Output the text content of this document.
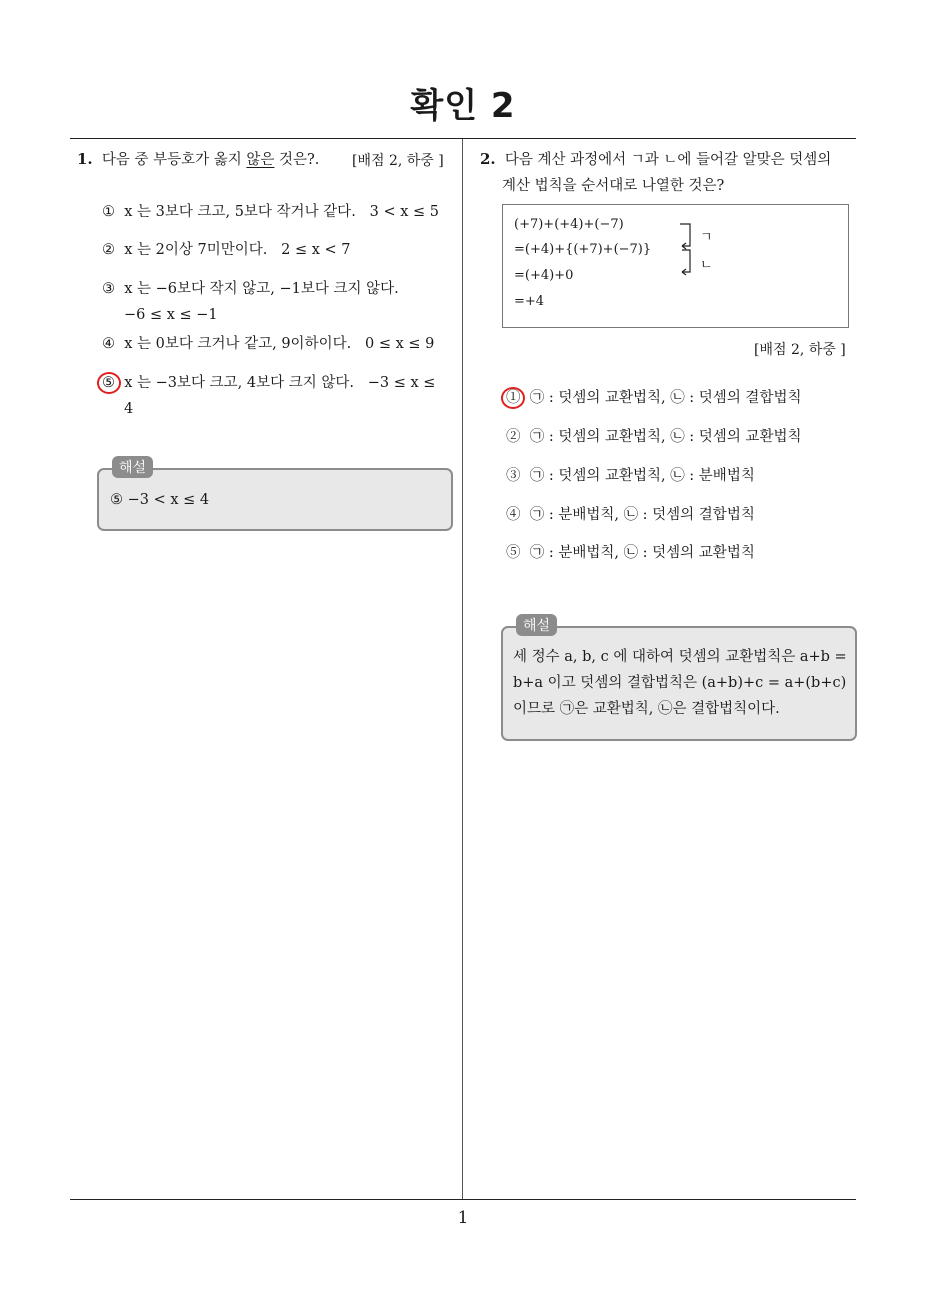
확인 2
1. 다음 중 부등호가 옳지 않은 것은?. [배점 2, 하중 ]
① x 는 3보다 크고, 5보다 작거나 같다. 3 < x ≤ 5
② x 는 2이상 7미만이다. 2 ≤ x < 7
③ x 는 −6보다 작지 않고, −1보다 크지 않다.
−6 ≤ x ≤ −1
④ x 는 0보다 크거나 같고, 9이하이다. 0 ≤ x ≤ 9
⑤ x 는 −3보다 크고, 4보다 크지 않다. −3 ≤ x ≤
4
해설
⑤ −3 < x ≤ 4
2. 다음 계산 과정에서 ㄱ과 ㄴ에 들어갈 알맞은 덧셈의
계산 법칙을 순서대로 나열한 것은?
(+7)+(+4)+(−7)
=(+4)+{(+7)+(−7)}
=(+4)+0
=+4
ㄱ
ㄴ
[배점 2, 하중 ]
① ㉠ : 덧셈의 교환법칙, ㉡ : 덧셈의 결합법칙
② ㉠ : 덧셈의 교환법칙, ㉡ : 덧셈의 교환법칙
③ ㉠ : 덧셈의 교환법칙, ㉡ : 분배법칙
④ ㉠ : 분배법칙, ㉡ : 덧셈의 결합법칙
⑤ ㉠ : 분배법칙, ㉡ : 덧셈의 교환법칙
해설
세 정수 a, b, c 에 대하여 덧셈의 교환법칙은 a+b =
b+a 이고 덧셈의 결합법칙은 (a+b)+c = a+(b+c)
이므로 ㉠은 교환법칙, ㉡은 결합법칙이다.
1
